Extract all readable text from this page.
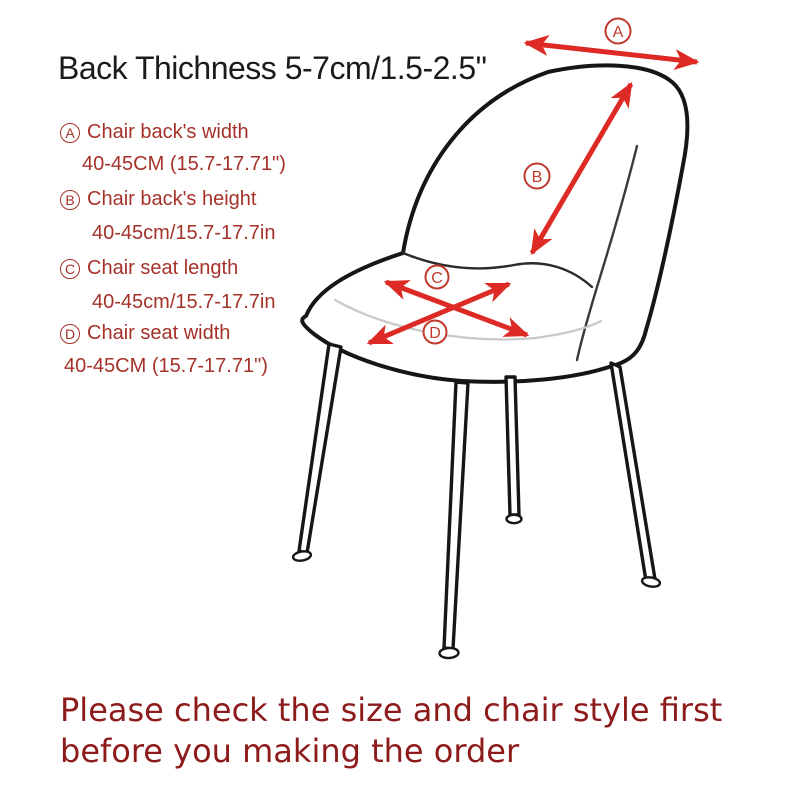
A
B
C
D
Back Thichness 5-7cm/1.5-2.5"
A Chair back's width
40-45CM (15.7-17.71")
B Chair back's height
40-45cm/15.7-17.7in
C Chair seat length
40-45cm/15.7-17.7in
D Chair seat width
40-45CM (15.7-17.71")
Please check the size and chair style first
before you making the order
